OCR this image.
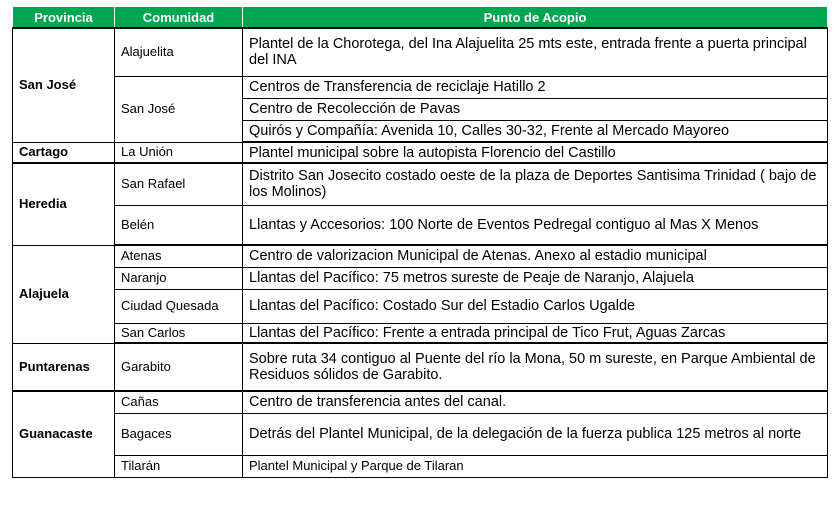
Provincia	Comunidad	Punto de Acopio
San José	Alajuelita	Plantel de la Chorotega, del Ina Alajuelita 25 mts este, entrada frente a puerta principal del INA
	San José	Centros de Transferencia de reciclaje Hatillo 2
		Centro de Recolección de Pavas
		Quirós y Compañía: Avenida 10, Calles 30-32, Frente al Mercado Mayoreo
Cartago	La Unión	Plantel municipal sobre la autopista Florencio del Castillo
Heredia	San Rafael	Distrito San Josecito costado oeste de la plaza de Deportes Santisima Trinidad ( bajo de los Molinos)
	Belén	Llantas y Accesorios: 100 Norte de Eventos Pedregal contiguo al Mas X Menos
Alajuela	Atenas	Centro de valorizacion Municipal de Atenas. Anexo al estadio municipal
	Naranjo	Llantas del Pacífico: 75 metros sureste de Peaje de Naranjo, Alajuela
	Ciudad Quesada	Llantas del Pacífico: Costado Sur del Estadio Carlos Ugalde
	San Carlos	Llantas del Pacífico: Frente a entrada principal de Tico Frut, Aguas Zarcas
Puntarenas	Garabito	Sobre ruta 34 contiguo al Puente del río la Mona, 50 m sureste, en Parque Ambiental de Residuos sólidos de Garabito.
Guanacaste	Cañas	Centro de transferencia antes del canal.
	Bagaces	Detrás del Plantel Municipal, de la delegación de la fuerza publica 125 metros al norte
	Tilarán	Plantel Municipal y Parque de Tilaran
